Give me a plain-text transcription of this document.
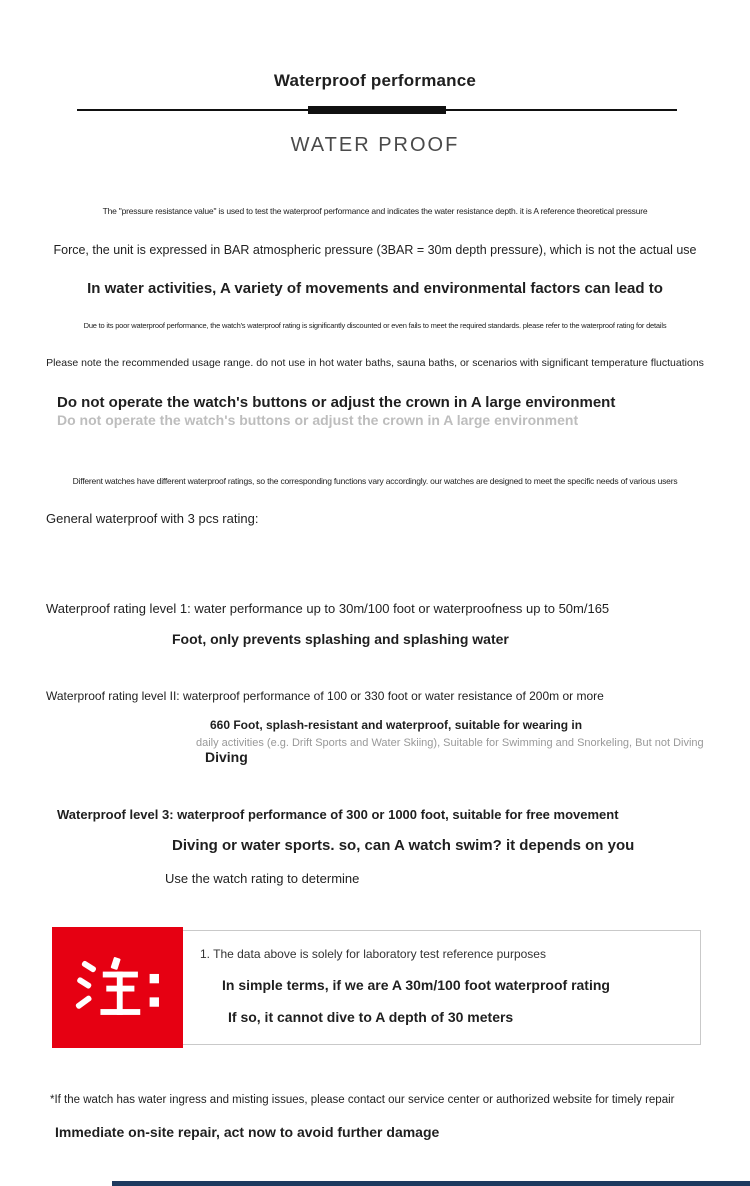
Waterproof performance
WATER PROOF
The "pressure resistance value" is used to test the waterproof performance and indicates the water resistance depth. it is A reference theoretical pressure
Force, the unit is expressed in BAR atmospheric pressure (3BAR = 30m depth pressure), which is not the actual use
In water activities, A variety of movements and environmental factors can lead to
Due to its poor waterproof performance, the watch's waterproof rating is significantly discounted or even fails to meet the required standards. please refer to the waterproof rating for details
Please note the recommended usage range. do not use in hot water baths, sauna baths, or scenarios with significant temperature fluctuations
Do not operate the watch's buttons or adjust the crown in A large environment
Do not operate the watch's buttons or adjust the crown in A large environment
Different watches have different waterproof ratings, so the corresponding functions vary accordingly. our watches are designed to meet the specific needs of various users
General waterproof with 3 pcs rating:
Waterproof rating level 1: water performance up to 30m/100 foot or waterproofness up to 50m/165
Foot, only prevents splashing and splashing water
Waterproof rating level II: waterproof performance of 100 or 330 foot or water resistance of 200m or more
660 Foot, splash-resistant and waterproof, suitable for wearing in
daily activities (e.g. Drift Sports and Water Skiing), Suitable for Swimming and Snorkeling, But not Diving
Diving
Waterproof level 3: waterproof performance of 300 or 1000 foot, suitable for free movement
Diving or water sports. so, can A watch swim? it depends on you
Use the watch rating to determine
1. The data above is solely for laboratory test reference purposes
In simple terms, if we are A 30m/100 foot waterproof rating
If so, it cannot dive to A depth of 30 meters
*If the watch has water ingress and misting issues, please contact our service center or authorized website for timely repair
Immediate on-site repair, act now to avoid further damage
